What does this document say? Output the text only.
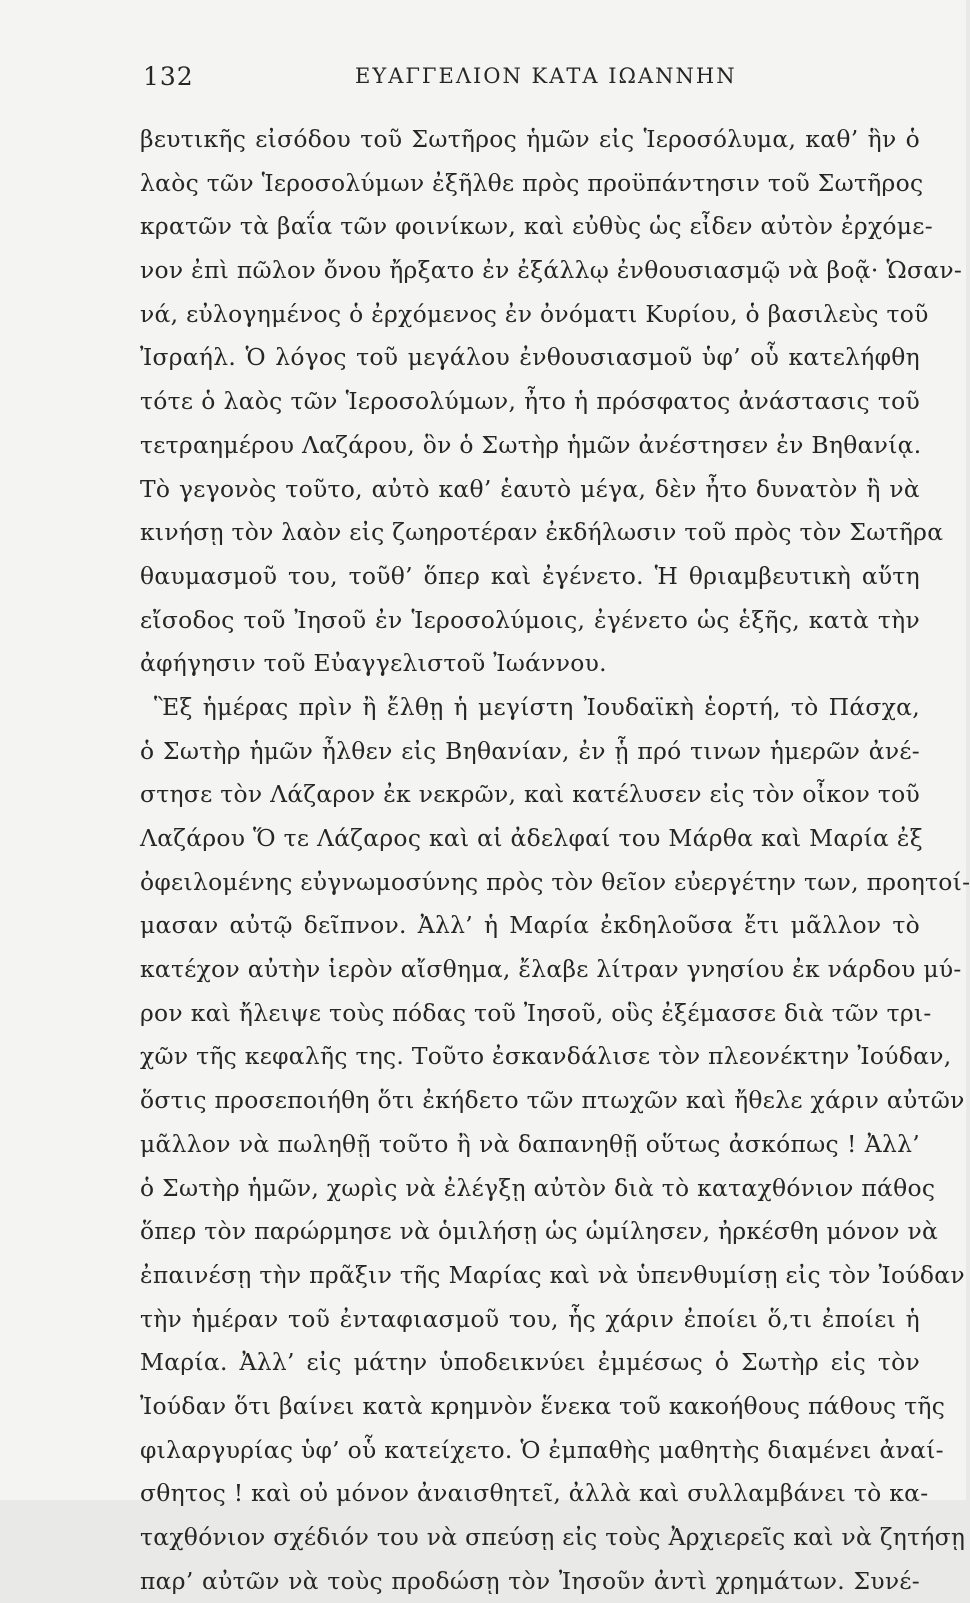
132	ΕΥΑΓΓΕΛΙΟΝ ΚΑΤΑ ΙΩΑΝΝΗΝ
βευτικῆς εἰσόδου τοῦ Σωτῆρος ἡμῶν εἰς Ἱεροσόλυμα, καθ’ ἣν ὁ
λαὸς τῶν Ἱεροσολύμων ἐξῆλθε πρὸς προϋπάντησιν τοῦ Σωτῆρος
κρατῶν τὰ βαΐα τῶν φοινίκων, καὶ εὐθὺς ὡς εἶδεν αὐτὸν ἐρχόμε-
νον ἐπὶ πῶλον ὄνου ἤρξατο ἐν ἐξάλλῳ ἐνθουσιασμῷ νὰ βοᾷ· Ὡσαν-
νά, εὐλογημένος ὁ ἐρχόμενος ἐν ὀνόματι Κυρίου, ὁ βασιλεὺς τοῦ
Ἰσραήλ. Ὁ λόγος τοῦ μεγάλου ἐνθουσιασμοῦ ὑφ’ οὗ κατελήφθη
τότε ὁ λαὸς τῶν Ἱεροσολύμων, ἦτο ἡ πρόσφατος ἀνάστασις τοῦ
τετραημέρου Λαζάρου, ὃν ὁ Σωτὴρ ἡμῶν ἀνέστησεν ἐν Βηθανίᾳ.
Τὸ γεγονὸς τοῦτο, αὐτὸ καθ’ ἑαυτὸ μέγα, δὲν ἦτο δυνατὸν ἢ νὰ
κινήσῃ τὸν λαὸν εἰς ζωηροτέραν ἐκδήλωσιν τοῦ πρὸς τὸν Σωτῆρα
θαυμασμοῦ του, τοῦθ’ ὅπερ καὶ ἐγένετο. Ἡ θριαμβευτικὴ αὕτη
εἴσοδος τοῦ Ἰησοῦ ἐν Ἱεροσολύμοις, ἐγένετο ὡς ἑξῆς, κατὰ τὴν
ἀφήγησιν τοῦ Εὐαγγελιστοῦ Ἰωάννου.
Ἓξ ἡμέρας πρὶν ἢ ἔλθῃ ἡ μεγίστη Ἰουδαϊκὴ ἑορτή, τὸ Πάσχα,
ὁ Σωτὴρ ἡμῶν ἦλθεν εἰς Βηθανίαν, ἐν ᾗ πρό τινων ἡμερῶν ἀνέ-
στησε τὸν Λάζαρον ἐκ νεκρῶν, καὶ κατέλυσεν εἰς τὸν οἶκον τοῦ
Λαζάρου Ὅ τε Λάζαρος καὶ αἱ ἀδελφαί του Μάρθα καὶ Μαρία ἐξ
ὀφειλομένης εὐγνωμοσύνης πρὸς τὸν θεῖον εὐεργέτην των, προητοί-
μασαν αὐτῷ δεῖπνον. Ἀλλ’ ἡ Μαρία ἐκδηλοῦσα ἔτι μᾶλλον τὸ
κατέχον αὐτὴν ἱερὸν αἴσθημα, ἔλαβε λίτραν γνησίου ἐκ νάρδου μύ-
ρον καὶ ἤλειψε τοὺς πόδας τοῦ Ἰησοῦ, οὓς ἐξέμασσε διὰ τῶν τρι-
χῶν τῆς κεφαλῆς της. Τοῦτο ἐσκανδάλισε τὸν πλεονέκτην Ἰούδαν,
ὅστις προσεποιήθη ὅτι ἐκήδετο τῶν πτωχῶν καὶ ἤθελε χάριν αὐτῶν
μᾶλλον νὰ πωληθῇ τοῦτο ἢ νὰ δαπανηθῇ οὕτως ἀσκόπως ! Ἀλλ’
ὁ Σωτὴρ ἡμῶν, χωρὶς νὰ ἐλέγξῃ αὐτὸν διὰ τὸ καταχθόνιον πάθος
ὅπερ τὸν παρώρμησε νὰ ὁμιλήσῃ ὡς ὡμίλησεν, ἠρκέσθη μόνον νὰ
ἐπαινέσῃ τὴν πρᾶξιν τῆς Μαρίας καὶ νὰ ὑπενθυμίσῃ εἰς τὸν Ἰούδαν
τὴν ἡμέραν τοῦ ἐνταφιασμοῦ του, ἧς χάριν ἐποίει ὅ,τι ἐποίει ἡ
Μαρία. Ἀλλ’ εἰς μάτην ὑποδεικνύει ἐμμέσως ὁ Σωτὴρ εἰς τὸν
Ἰούδαν ὅτι βαίνει κατὰ κρημνὸν ἕνεκα τοῦ κακοήθους πάθους τῆς
φιλαργυρίας ὑφ’ οὗ κατείχετο. Ὁ ἐμπαθὴς μαθητὴς διαμένει ἀναί-
σθητος ! καὶ οὐ μόνον ἀναισθητεῖ, ἀλλὰ καὶ συλλαμβάνει τὸ κα-
ταχθόνιον σχέδιόν του νὰ σπεύσῃ εἰς τοὺς Ἀρχιερεῖς καὶ νὰ ζητήσῃ
παρ’ αὐτῶν νὰ τοὺς προδώσῃ τὸν Ἰησοῦν ἀντὶ χρημάτων. Συνέ-
